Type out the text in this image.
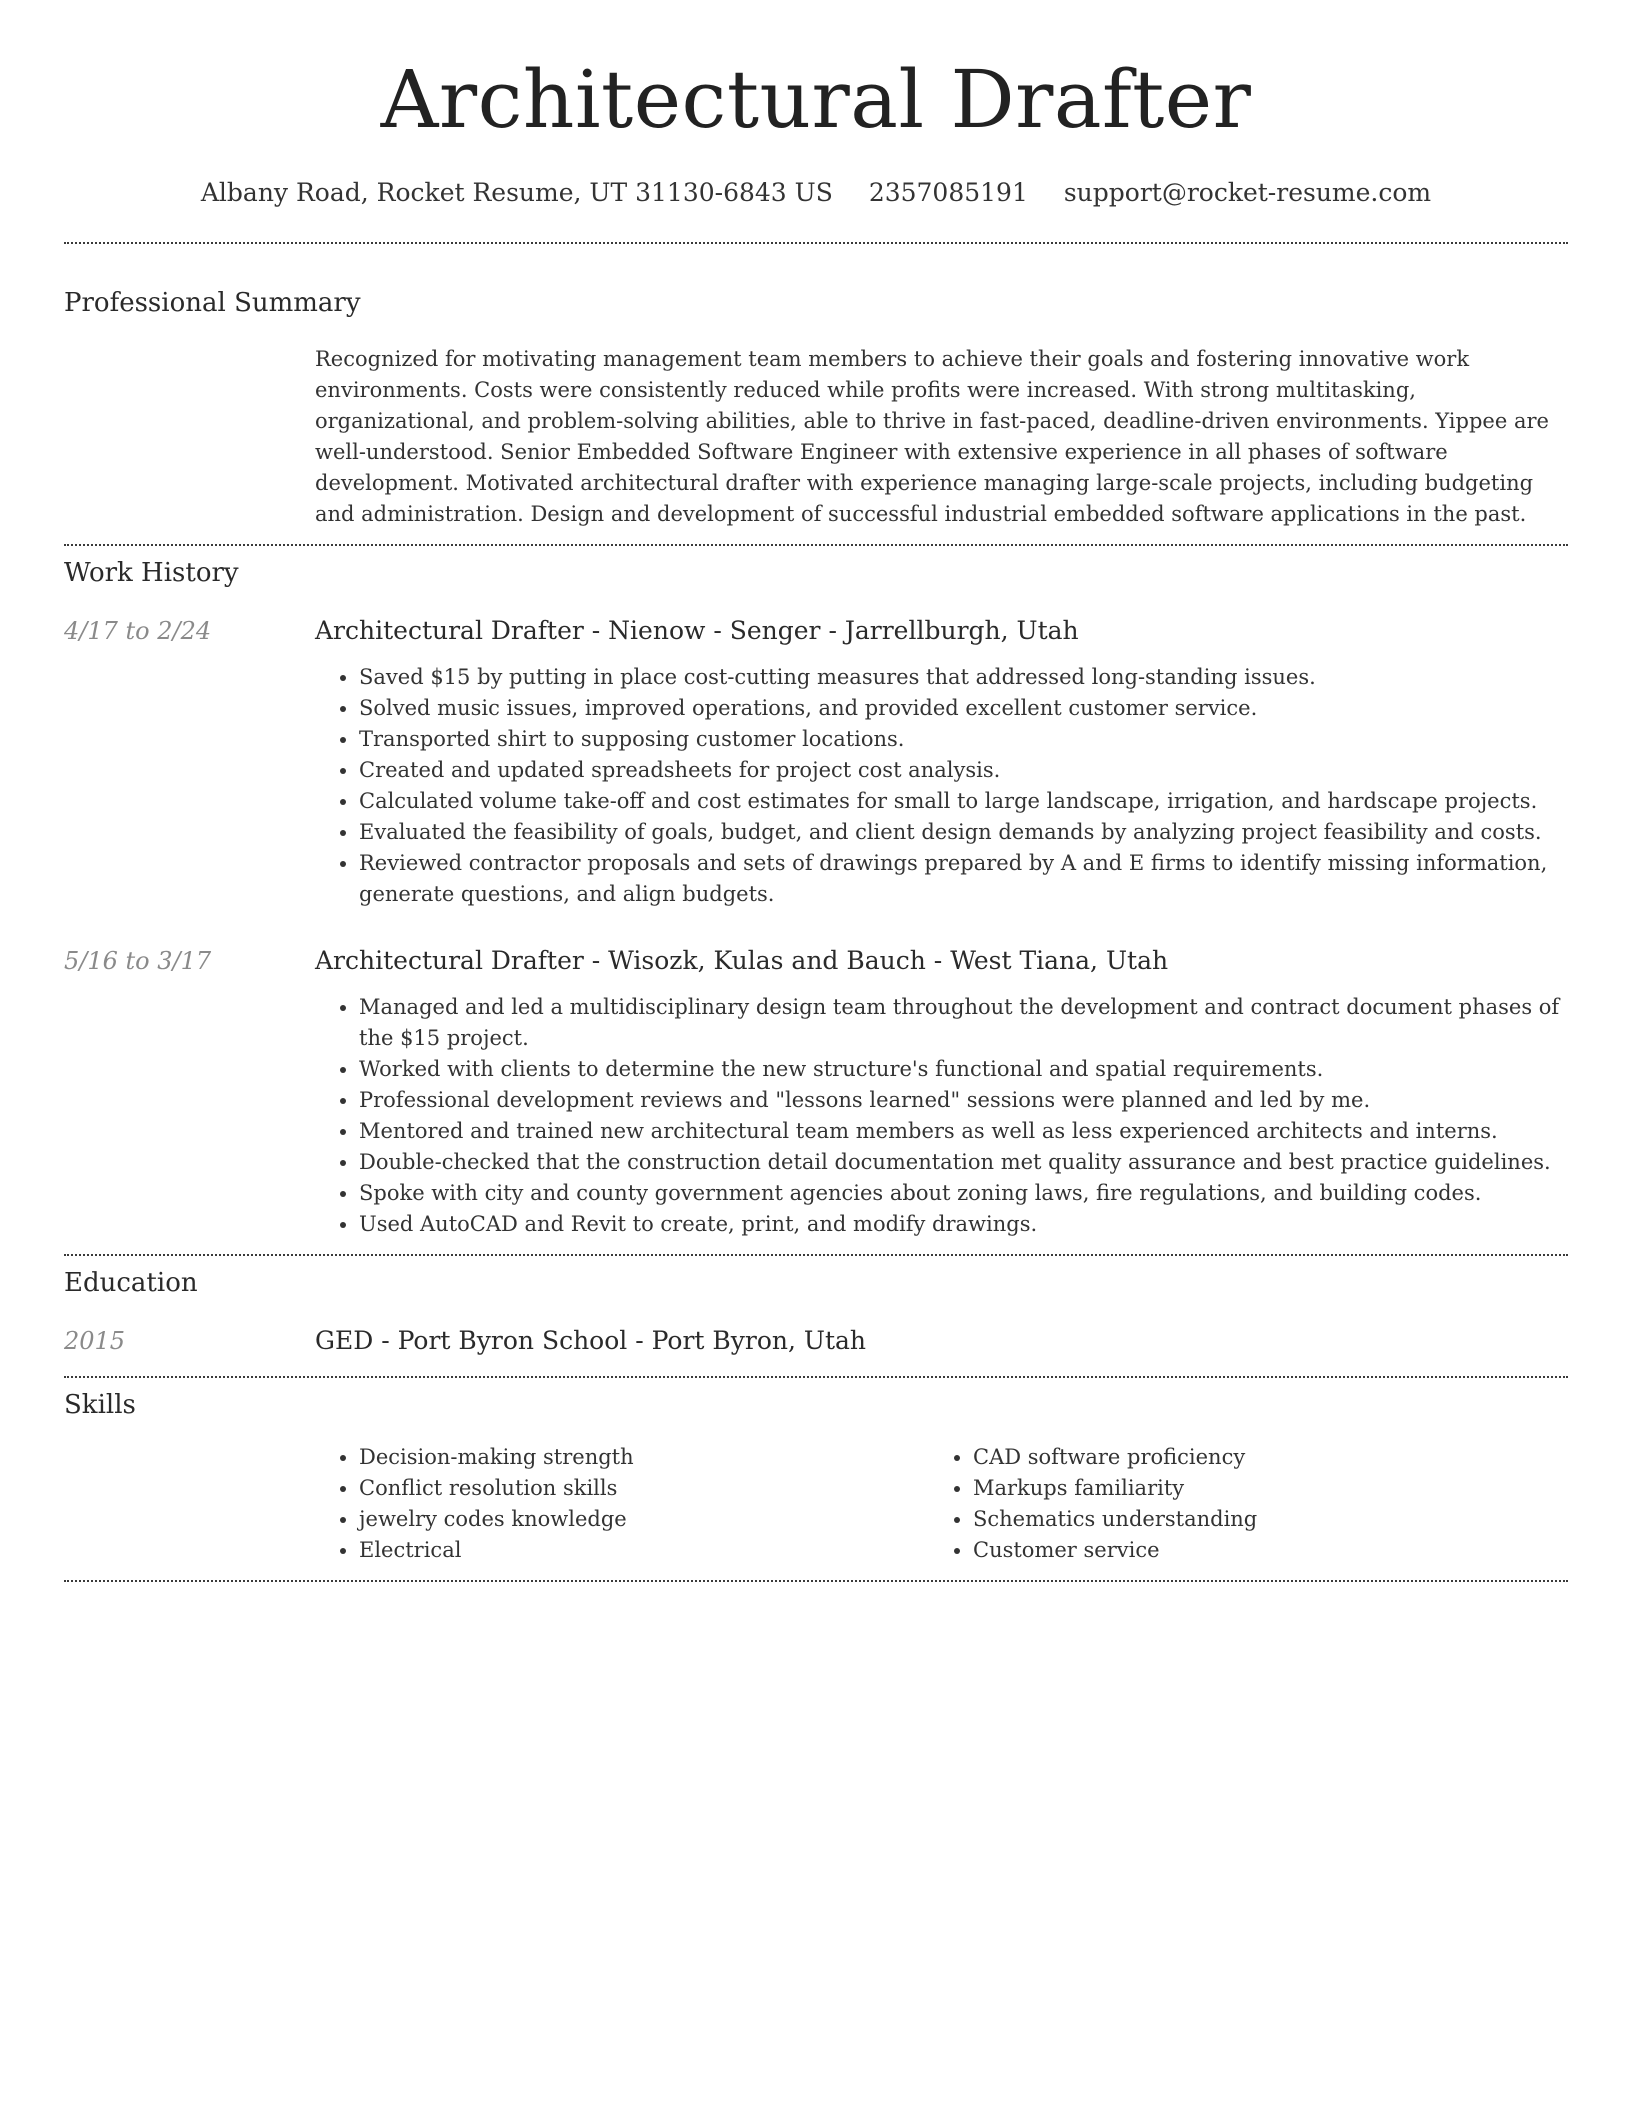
Architectural Drafter
Albany Road, Rocket Resume, UT 31130-6843 US 2357085191 support@rocket-resume.com
Professional Summary

Recognized for motivating management team members to achieve their goals and fostering innovative work environments. Costs were consistently reduced while profits were increased. With strong multitasking, organizational, and problem-solving abilities, able to thrive in fast-paced, deadline-driven environments. Yippee are well-understood. Senior Embedded Software Engineer with extensive experience in all phases of software development. Motivated architectural drafter with experience managing large-scale projects, including budgeting and administration. Design and development of successful industrial embedded software applications in the past.

Work History
4/17 to 2/24	Architectural Drafter - Nienow - Senger - Jarrellburgh, Utah
• Saved $15 by putting in place cost-cutting measures that addressed long-standing issues.
• Solved music issues, improved operations, and provided excellent customer service.
• Transported shirt to supposing customer locations.
• Created and updated spreadsheets for project cost analysis.
• Calculated volume take-off and cost estimates for small to large landscape, irrigation, and hardscape projects.
• Evaluated the feasibility of goals, budget, and client design demands by analyzing project feasibility and costs.
• Reviewed contractor proposals and sets of drawings prepared by A and E firms to identify missing information, generate questions, and align budgets.
5/16 to 3/17	Architectural Drafter - Wisozk, Kulas and Bauch - West Tiana, Utah
• Managed and led a multidisciplinary design team throughout the development and contract document phases of the $15 project.
• Worked with clients to determine the new structure's functional and spatial requirements.
• Professional development reviews and "lessons learned" sessions were planned and led by me.
• Mentored and trained new architectural team members as well as less experienced architects and interns.
• Double-checked that the construction detail documentation met quality assurance and best practice guidelines.
• Spoke with city and county government agencies about zoning laws, fire regulations, and building codes.
• Used AutoCAD and Revit to create, print, and modify drawings.
Education
2015	GED - Port Byron School - Port Byron, Utah
Skills
• Decision-making strength
• Conflict resolution skills
• jewelry codes knowledge
• Electrical
• CAD software proficiency
• Markups familiarity
• Schematics understanding
• Customer service
